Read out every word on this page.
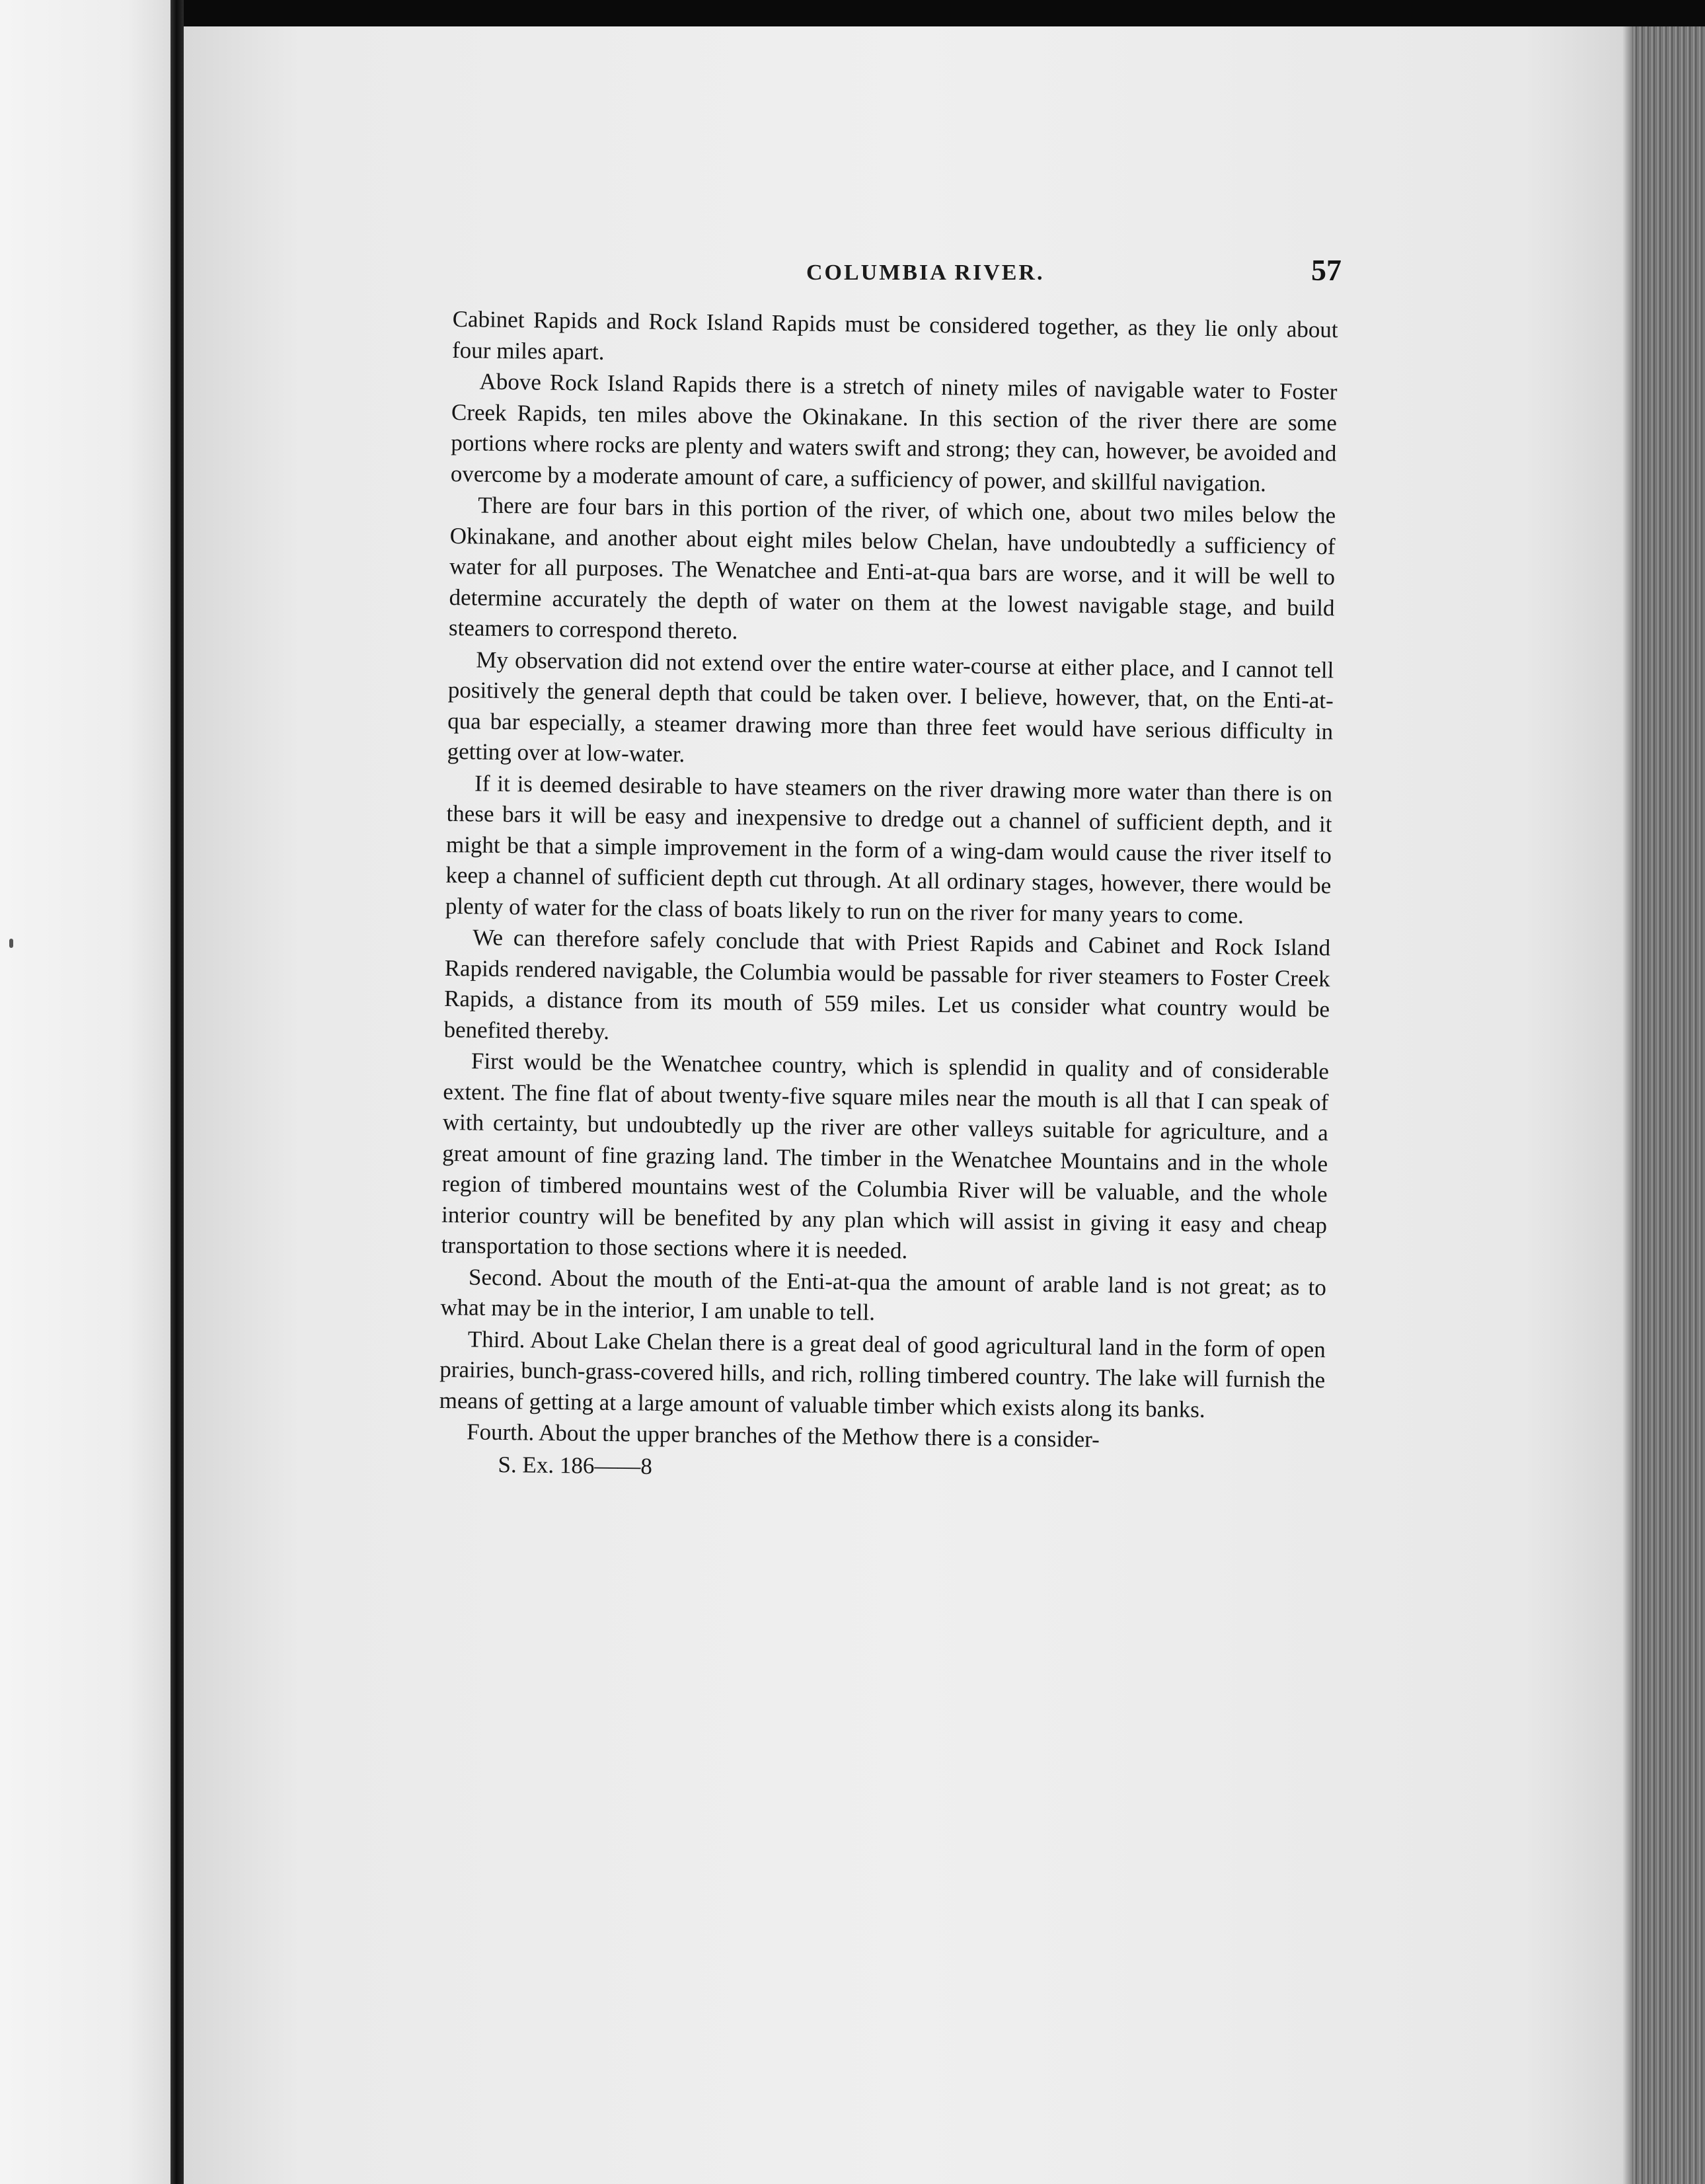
COLUMBIA RIVER.	57

Cabinet Rapids and Rock Island Rapids must be considered together, as they lie only about four miles apart.

Above Rock Island Rapids there is a stretch of ninety miles of navigable water to Foster Creek Rapids, ten miles above the Okinakane. In this section of the river there are some portions where rocks are plenty and waters swift and strong; they can, however, be avoided and overcome by a moderate amount of care, a sufficiency of power, and skillful navigation.

There are four bars in this portion of the river, of which one, about two miles below the Okinakane, and another about eight miles below Chelan, have undoubtedly a sufficiency of water for all purposes. The Wenatchee and Enti-at-qua bars are worse, and it will be well to determine accurately the depth of water on them at the lowest navigable stage, and build steamers to correspond thereto.

My observation did not extend over the entire water-course at either place, and I cannot tell positively the general depth that could be taken over. I believe, however, that, on the Enti-at-qua bar especially, a steamer drawing more than three feet would have serious difficulty in getting over at low-water.

If it is deemed desirable to have steamers on the river drawing more water than there is on these bars it will be easy and inexpensive to dredge out a channel of sufficient depth, and it might be that a simple improvement in the form of a wing-dam would cause the river itself to keep a channel of sufficient depth cut through. At all ordinary stages, however, there would be plenty of water for the class of boats likely to run on the river for many years to come.

We can therefore safely conclude that with Priest Rapids and Cabinet and Rock Island Rapids rendered navigable, the Columbia would be passable for river steamers to Foster Creek Rapids, a distance from its mouth of 559 miles. Let us consider what country would be benefited thereby.

First would be the Wenatchee country, which is splendid in quality and of considerable extent. The fine flat of about twenty-five square miles near the mouth is all that I can speak of with certainty, but undoubtedly up the river are other valleys suitable for agriculture, and a great amount of fine grazing land. The timber in the Wenatchee Mountains and in the whole region of timbered mountains west of the Columbia River will be valuable, and the whole interior country will be benefited by any plan which will assist in giving it easy and cheap transportation to those sections where it is needed.

Second. About the mouth of the Enti-at-qua the amount of arable land is not great; as to what may be in the interior, I am unable to tell.

Third. About Lake Chelan there is a great deal of good agricultural land in the form of open prairies, bunch-grass-covered hills, and rich, rolling timbered country. The lake will furnish the means of getting at a large amount of valuable timber which exists along its banks.

Fourth. About the upper branches of the Methow there is a consider-

S. Ex. 186——8
